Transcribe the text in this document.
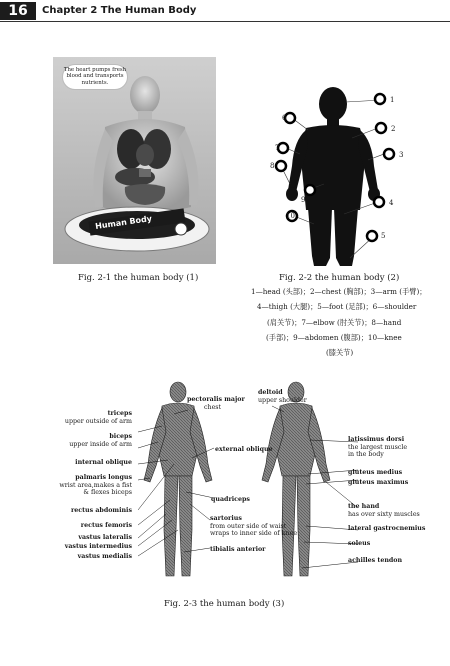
16	Chapter 2 The Human Body
The heart pumps fresh blood and transports nutrients.
Human Body
Fig. 2-1 the human body (1)
1
2
3
4
5
6
7
8
9
10
Fig. 2-2 the human body (2)
1—head (头部)；2—chest (胸部)；3—arm (手臂)；
4—thigh (大腿)；5—foot (足部)；6—shoulder
(肩关节)；7—elbow (肘关节)；8—hand
(手部)；9—abdomen (腹部)；10—knee
(膝关节)
triceps
upper outside of arm
biceps
upper inside of arm
internal oblique
palmaris longus
wrist area,makes a fist
& flexes biceps
rectus abdominis
rectus femoris
vastus lateralis
vastus intermedius
vastus medialis
pectoralis major
chest
external oblique
quadriceps
sartorius
from outer side of waist
wraps to inner side of knee
tibialis anterior
deltoid
upper shoulder
latissimus dorsi
the largest muscle
in the body
gluteus medius
gluteus maximus
the hand
has over sixty muscles
lateral gastrocnemius
soleus
achilles tendon
Fig. 2-3 the human body (3)
